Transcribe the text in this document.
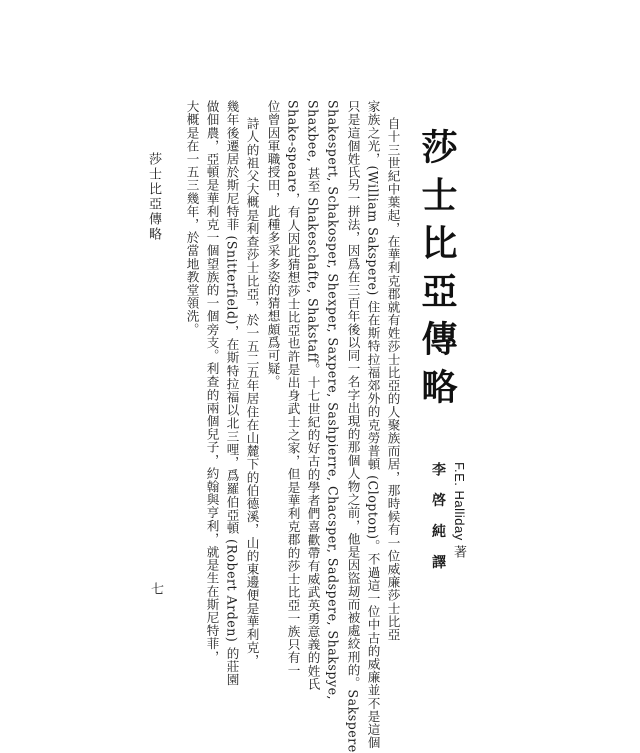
莎士比亞傳略
F.E. Halliday 著
李 啓 純 譯
自十三世紀中葉起，在華利克郡就有姓莎士比亞的人聚族而居，那時候有一位威廉莎士比亞
家族之光，(William Sakspere) 住在斯特拉福郊外的克勞普頓 (Clopton)。不過這一位中古的威廉並不是這個
只是這個姓氏另一拼法，因爲在三百年後以同一名字出現的那個人物之前，他是因盜刼而被處絞刑的。Sakspere
Shakespert, Schakosper, Shexper, Saxpere, Sashpierre, Chacsper, Sadspere, Shakspye,
Shaxbee, 甚至 Shakeschafte, Shakstaff。十七世紀的好古的學者們喜歡帶有威武英勇意義的姓氏
Shake-speare，有人因此猜想莎士比亞也許是出身武士之家，但是華利克郡的莎士比亞一族只有一
位曾因軍職授田，此種多采多姿的猜想頗爲可疑。
詩人的祖父大概是利查莎士比亞，於一五二五年居住在山麓下的伯德溪，山的東邊便是華利克，
幾年後遷居於斯尼特菲 (Snitterfield)，在斯特拉福以北三哩，爲羅伯亞頓 (Robert Arden) 的莊園
做佃農，亞頓是華利克一個望族的一個旁支。利查的兩個兒子，約翰與亨利，就是生在斯尼特菲，
大概是在一五三幾年，於當地教堂領洗。
莎士比亞傳略
七
